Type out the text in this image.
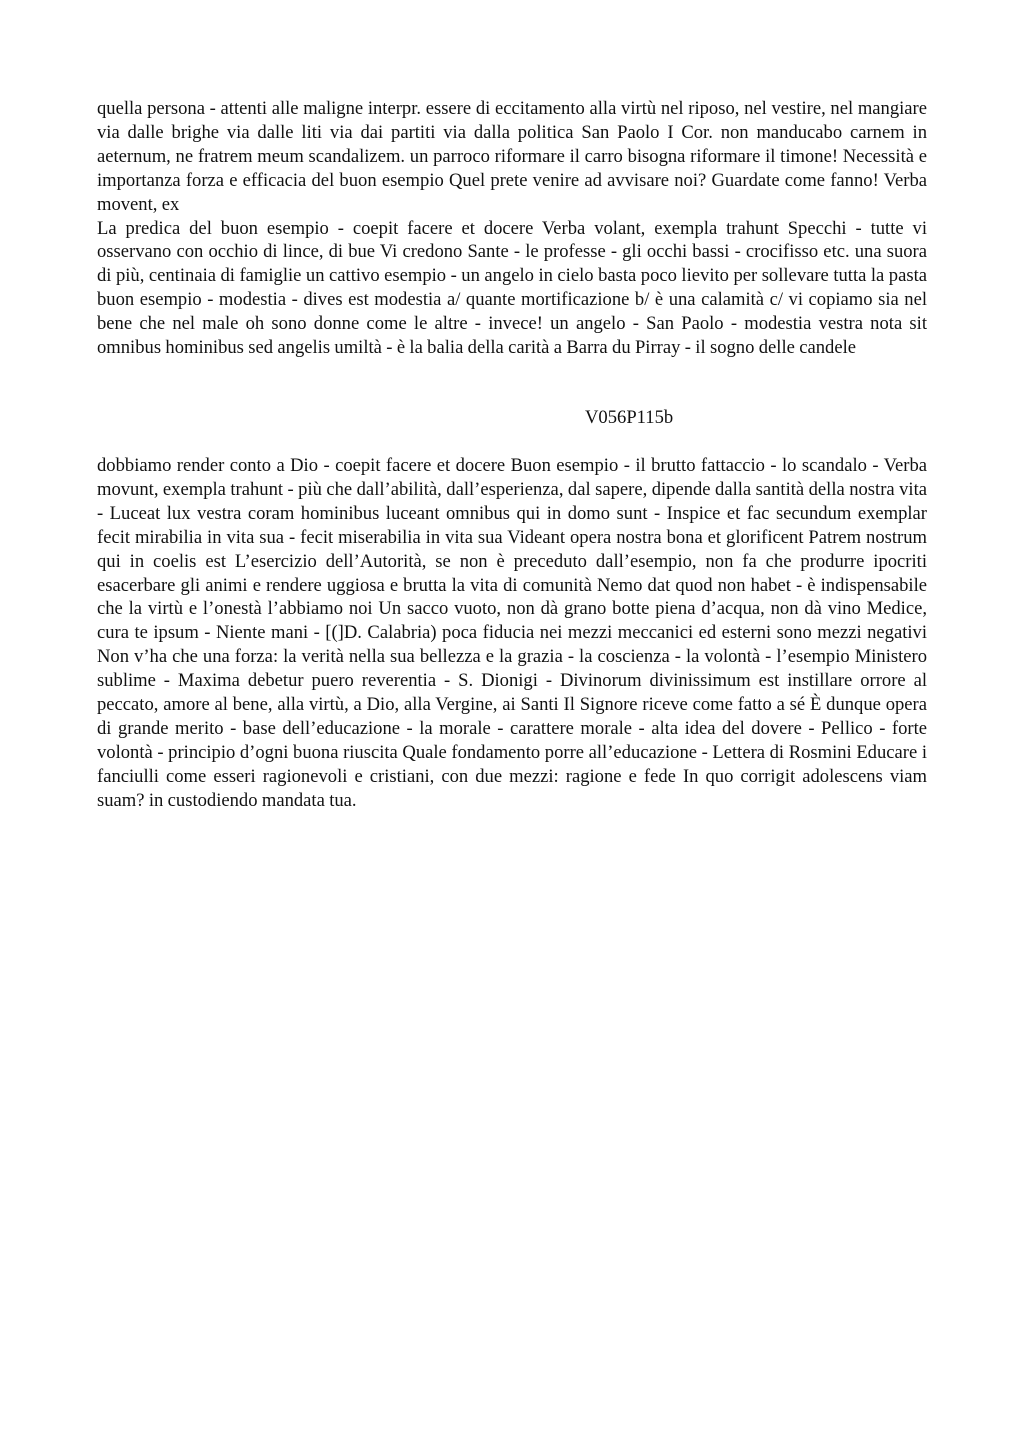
quella persona - attenti alle maligne interpr. essere di eccitamento alla virtù nel riposo, nel vestire, nel mangiare via dalle brighe via dalle liti via dai partiti via dalla politica San Paolo I Cor. non manducabo carnem in aeternum, ne fratrem meum scandalizem. un parroco riformare il carro bisogna riformare il timone! Necessità e importanza forza e efficacia del buon esempio Quel prete venire ad avvisare noi? Guardate come fanno! Verba movent, ex

La predica del buon esempio - coepit facere et docere Verba volant, exempla trahunt Specchi - tutte vi osservano con occhio di lince, di bue Vi credono Sante - le professe - gli occhi bassi - crocifisso etc. una suora di più, centinaia di famiglie un cattivo esempio - un angelo in cielo basta poco lievito per sollevare tutta la pasta buon esempio - modestia - dives est modestia a/ quante mortificazione b/ è una calamità c/ vi copiamo sia nel bene che nel male oh sono donne come le altre - invece! un angelo - San Paolo - modestia vestra nota sit omnibus hominibus sed angelis umiltà - è la balia della carità a Barra du Pirray - il sogno delle candele

V056P115b

dobbiamo render conto a Dio - coepit facere et docere Buon esempio - il brutto fattaccio - lo scandalo - Verba movunt, exempla trahunt - più che dall’abilità, dall’esperienza, dal sapere, dipende dalla santità della nostra vita - Luceat lux vestra coram hominibus luceant omnibus qui in domo sunt - Inspice et fac secundum exemplar fecit mirabilia in vita sua - fecit miserabilia in vita sua Videant opera nostra bona et glorificent Patrem nostrum qui in coelis est L’esercizio dell’Autorità, se non è preceduto dall’esempio, non fa che produrre ipocriti esacerbare gli animi e rendere uggiosa e brutta la vita di comunità Nemo dat quod non habet - è indispensabile che la virtù e l’onestà l’abbiamo noi Un sacco vuoto, non dà grano botte piena d’acqua, non dà vino Medice, cura te ipsum - Niente mani - [(]D. Calabria) poca fiducia nei mezzi meccanici ed esterni sono mezzi negativi Non v’ha che una forza: la verità nella sua bellezza e la grazia - la coscienza - la volontà - l’esempio Ministero sublime - Maxima debetur puero reverentia - S. Dionigi - Divinorum divinissimum est instillare orrore al peccato, amore al bene, alla virtù, a Dio, alla Vergine, ai Santi Il Signore riceve come fatto a sé È dunque opera di grande merito - base dell’educazione - la morale - carattere morale - alta idea del dovere - Pellico - forte volontà - principio d’ogni buona riuscita Quale fondamento porre all’educazione - Lettera di Rosmini Educare i fanciulli come esseri ragionevoli e cristiani, con due mezzi: ragione e fede In quo corrigit adolescens viam suam? in custodiendo mandata tua.
